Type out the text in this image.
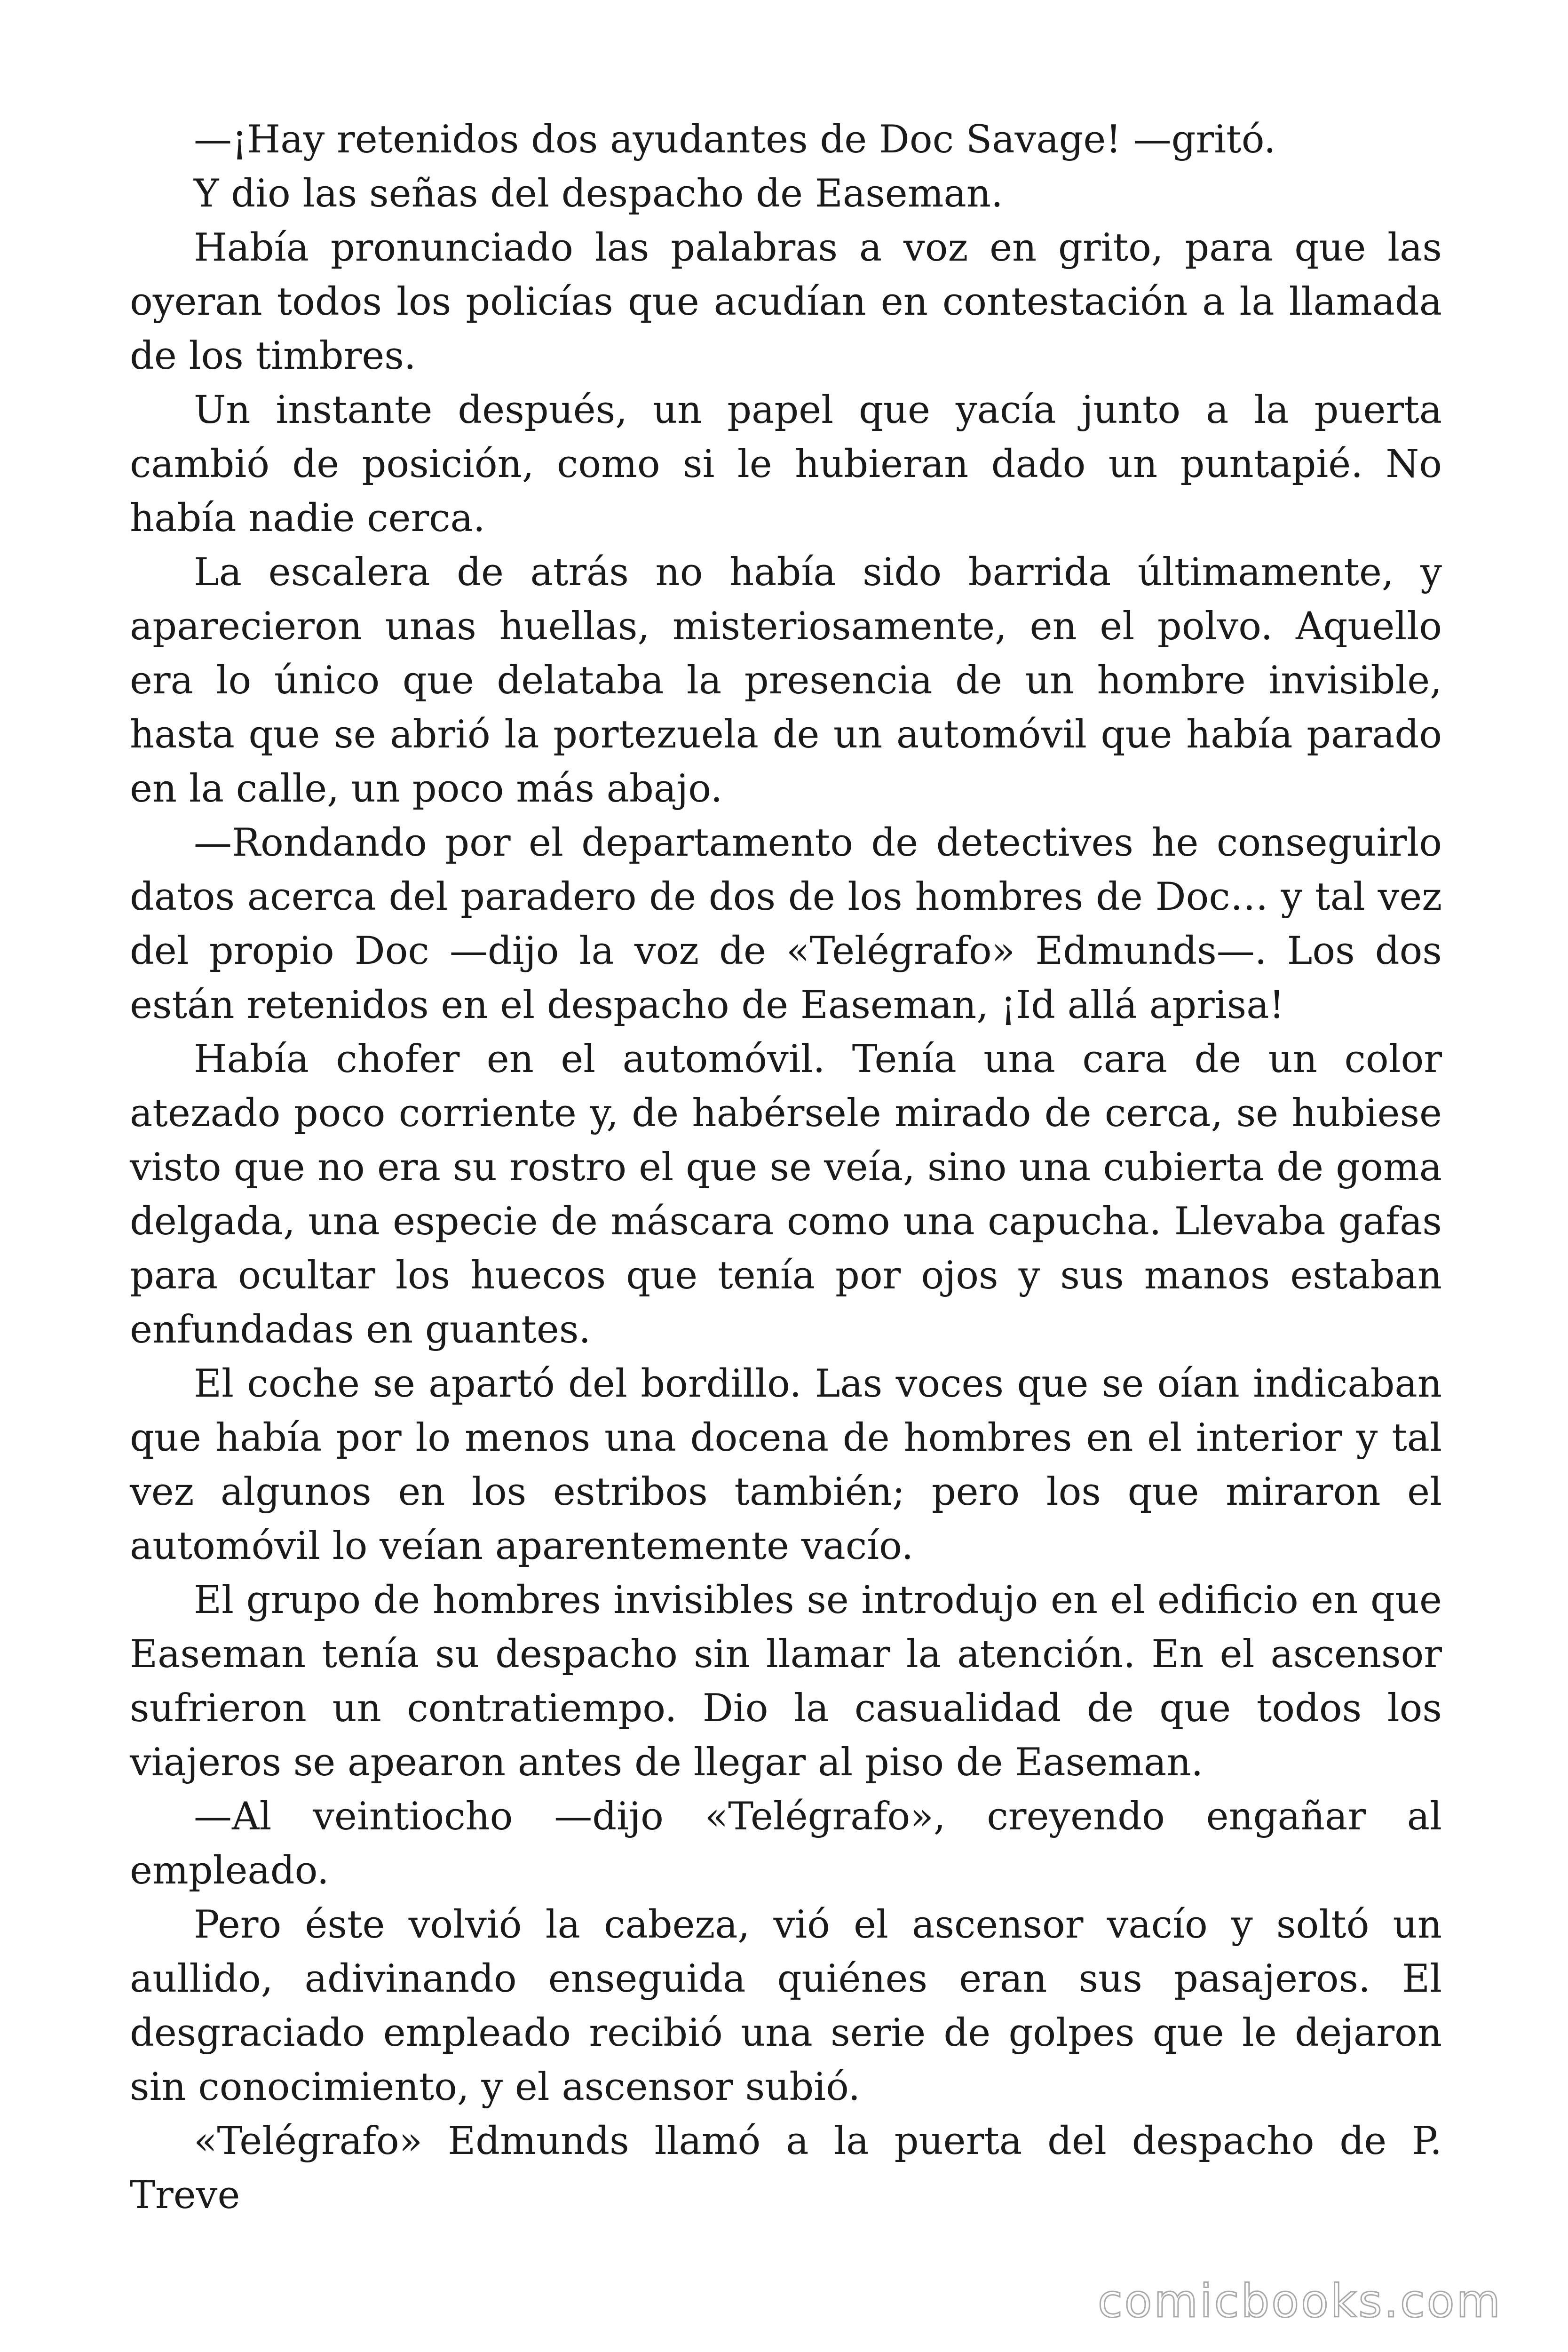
—¡Hay retenidos dos ayudantes de Doc Savage! —gritó.

Y dio las señas del despacho de Easeman.

Había pronunciado las palabras a voz en grito, para que las oyeran todos los policías que acudían en contestación a la llamada de los timbres.

Un instante después, un papel que yacía junto a la puerta cambió de posición, como si le hubieran dado un puntapié. No había nadie cerca.

La escalera de atrás no había sido barrida últimamente, y aparecieron unas huellas, misteriosamente, en el polvo. Aquello era lo único que delataba la presencia de un hombre invisible, hasta que se abrió la portezuela de un automóvil que había parado en la calle, un poco más abajo.

—Rondando por el departamento de detectives he conseguirlo datos acerca del paradero de dos de los hombres de Doc… y tal vez del propio Doc —dijo la voz de «Telégrafo» Edmunds—. Los dos están retenidos en el despacho de Easeman, ¡Id allá aprisa!

Había chofer en el automóvil. Tenía una cara de un color atezado poco corriente y, de habérsele mirado de cerca, se hubiese visto que no era su rostro el que se veía, sino una cubierta de goma delgada, una especie de máscara como una capucha. Llevaba gafas para ocultar los huecos que tenía por ojos y sus manos estaban enfundadas en guantes.

El coche se apartó del bordillo. Las voces que se oían indicaban que había por lo menos una docena de hombres en el interior y tal vez algunos en los estribos también; pero los que miraron el automóvil lo veían aparentemente vacío.

El grupo de hombres invisibles se introdujo en el edificio en que Easeman tenía su despacho sin llamar la atención. En el ascensor sufrieron un contratiempo. Dio la casualidad de que todos los viajeros se apearon antes de llegar al piso de Easeman.

—Al veintiocho —dijo «Telégrafo», creyendo engañar al empleado.

Pero éste volvió la cabeza, vió el ascensor vacío y soltó un aullido, adivinando enseguida quiénes eran sus pasajeros. El desgraciado empleado recibió una serie de golpes que le dejaron sin conocimiento, y el ascensor subió.

«Telégrafo» Edmunds llamó a la puerta del despacho de P. Treve

comicbooks.com
